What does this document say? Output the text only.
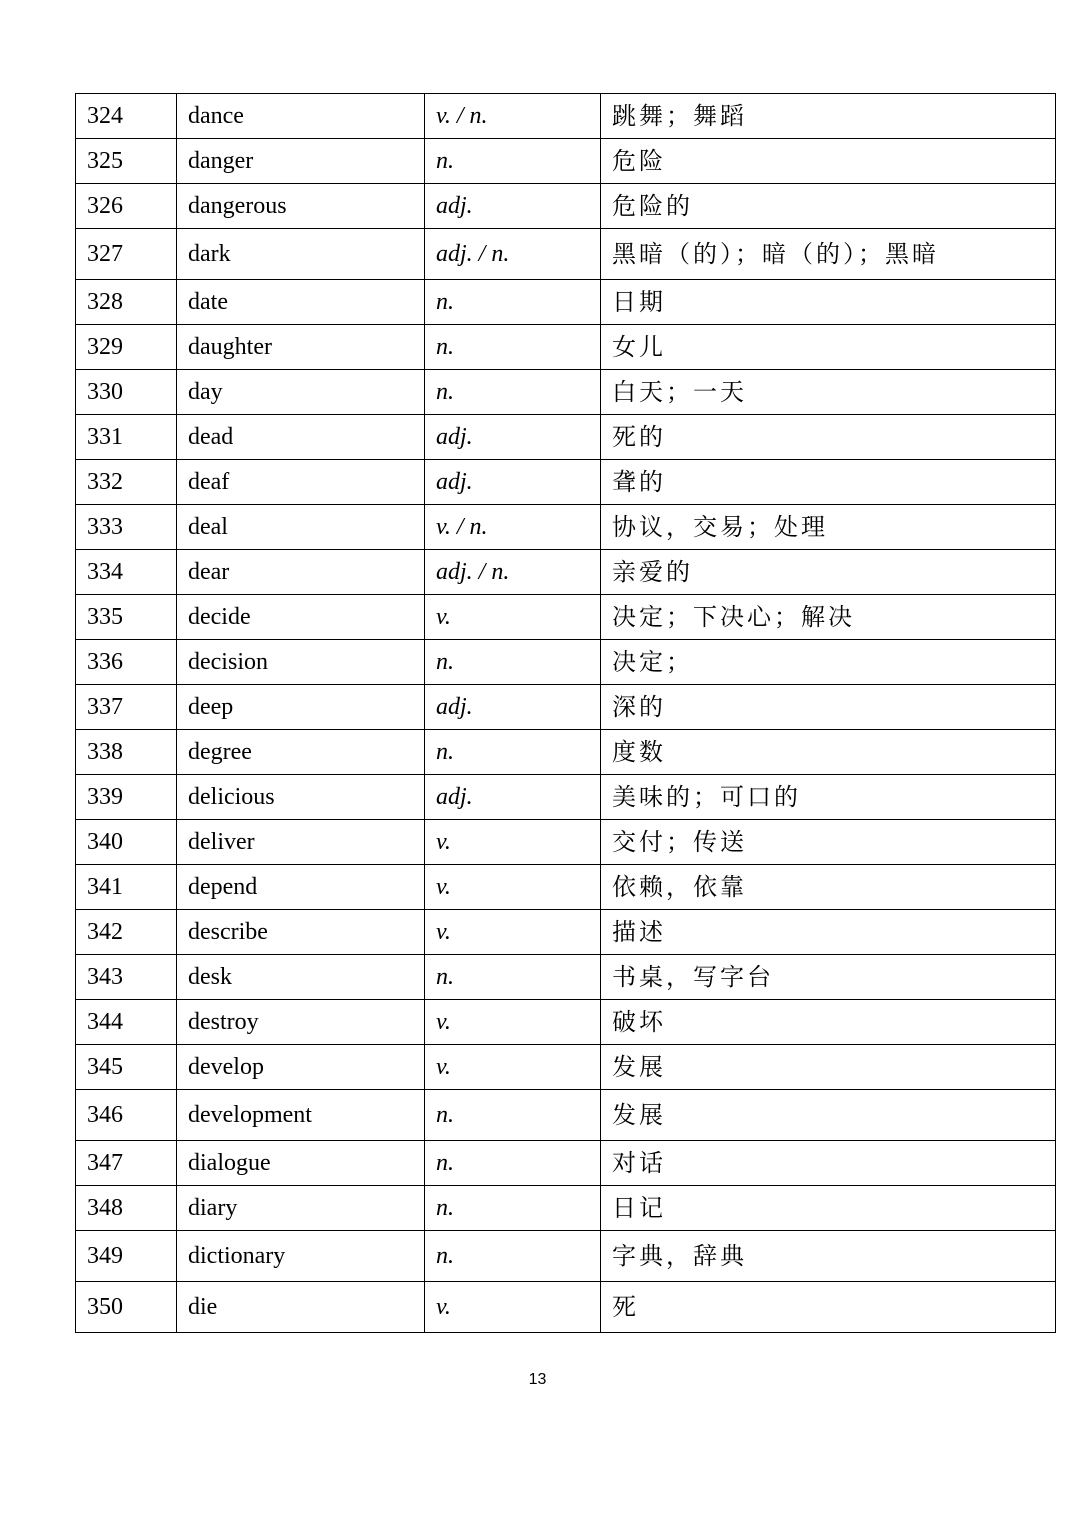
324	dance	v. / n.	跳舞；舞蹈
325	danger	n.	危险
326	dangerous	adj.	危险的
327	dark	adj. / n.	黑暗（的）；暗（的）；黑暗
328	date	n.	日期
329	daughter	n.	女儿
330	day	n.	白天；一天
331	dead	adj.	死的
332	deaf	adj.	聋的
333	deal	v. / n.	协议，交易；处理
334	dear	adj. / n.	亲爱的
335	decide	v.	决定；下决心；解决
336	decision	n.	决定；
337	deep	adj.	深的
338	degree	n.	度数
339	delicious	adj.	美味的；可口的
340	deliver	v.	交付；传送
341	depend	v.	依赖，依靠
342	describe	v.	描述
343	desk	n.	书桌，写字台
344	destroy	v.	破坏
345	develop	v.	发展
346	development	n.	发展
347	dialogue	n.	对话
348	diary	n.	日记
349	dictionary	n.	字典，辞典
350	die	v.	死
13
